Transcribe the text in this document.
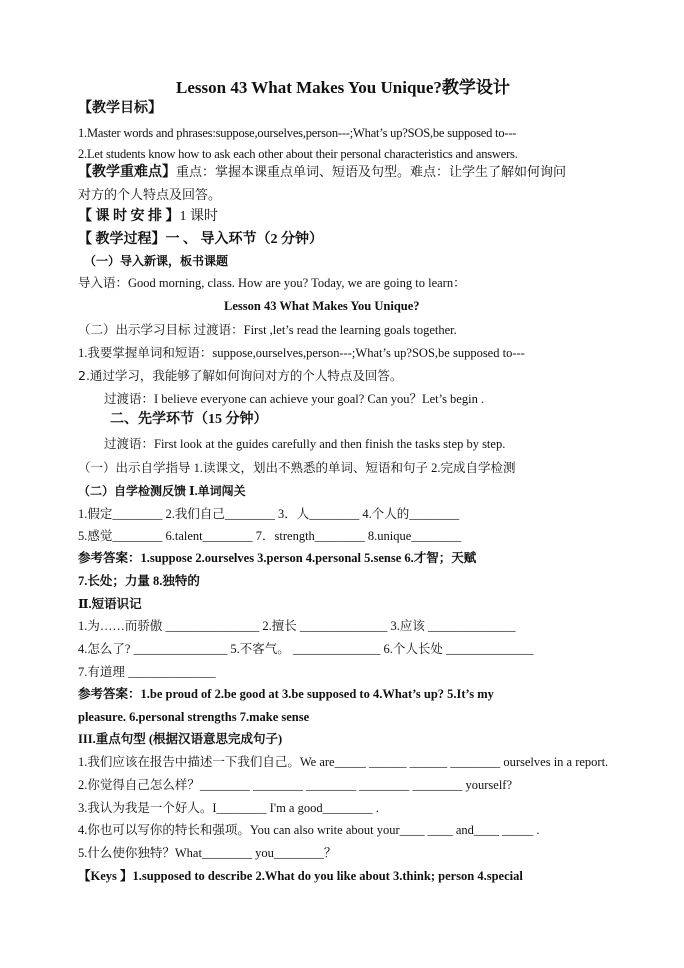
Lesson 43 What Makes You Unique?教学设计
【教学目标】
1.Master words and phrases:suppose,ourselves,person---;What’s up?SOS,be supposed to---
2.Let students know how to ask each other about their personal characteristics and answers.
【教学重难点】重点：掌握本课重点单词、短语及句型。难点：让学生了解如何询问
对方的个人特点及回答。
【 课 时 安 排 】1 课时
【 教学过程】一 、 导入环节（2 分钟）
（一）导入新课，板书课题
导入语：Good morning, class. How are you? Today, we are going to learn：
Lesson 43 What Makes You Unique?
（二）出示学习目标 过渡语：First ,let’s read the learning goals together.
1.我要掌握单词和短语：suppose,ourselves,person---;What’s up?SOS,be supposed to---
2.通过学习，我能够了解如何询问对方的个人特点及回答。
过渡语：I believe everyone can achieve your goal? Can you？Let’s begin .
二、先学环节（15 分钟）
过渡语：First look at the guides carefully and then finish the tasks step by step.
（一）出示自学指导 1.读课文，划出不熟悉的单词、短语和句子 2.完成自学检测
（二）自学检测反馈 Ⅰ.单词闯关
1.假定________ 2.我们自己________ 3．人________ 4.个人的________
5.感觉________ 6.talent________ 7．strength________ 8.unique________
参考答案：1.suppose 2.ourselves 3.person 4.personal 5.sense 6.才智；天赋
7.长处；力量 8.独特的
Ⅱ.短语识记
1.为……而骄傲 _______________ 2.擅长 ______________ 3.应该 ______________
4.怎么了? _______________ 5.不客气。 ______________ 6.个人长处 ______________
7.有道理 ______________
参考答案：1.be proud of 2.be good at 3.be supposed to 4.What’s up? 5.It’s my
pleasure. 6.personal strengths 7.make sense
III.重点句型 (根据汉语意思完成句子)
1.我们应该在报告中描述一下我们自己。We are_____ ______ ______ ________ ourselves in a report.
2.你觉得自己怎么样？________ ________ ________ ________ ________ yourself?
3.我认为我是一个好人。I________ I'm a good________ .
4.你也可以写你的特长和强项。You can also write about your____ ____ and____ _____ .
5.什么使你独特？What________ you________？
【Keys 】1.supposed to describe 2.What do you like about 3.think; person 4.special
